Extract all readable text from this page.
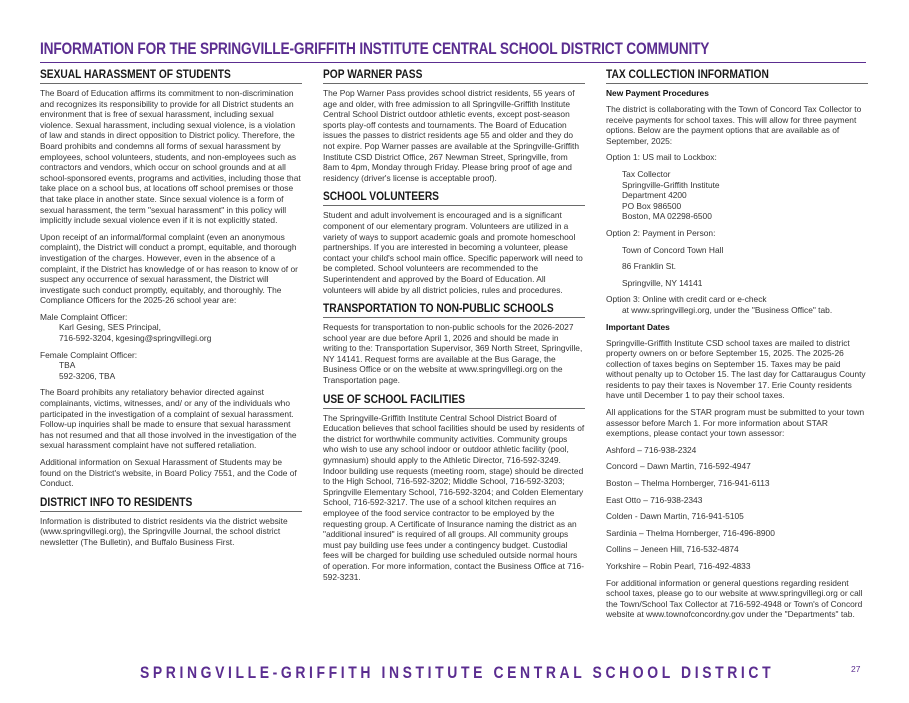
INFORMATION FOR THE SPRINGVILLE-GRIFFITH INSTITUTE CENTRAL SCHOOL DISTRICT COMMUNITY
SEXUAL HARASSMENT OF STUDENTS

The Board of Education affirms its commitment to non-discrimination and recognizes its responsibility to provide for all District students an environment that is free of sexual harassment, including sexual violence. Sexual harassment, including sexual violence, is a violation of law and stands in direct opposition to District policy. Therefore, the Board prohibits and condemns all forms of sexual harassment by employees, school volunteers, students, and non-employees such as contractors and vendors, which occur on school grounds and at all school-sponsored events, programs and activities, including those that take place on a school bus, at locations off school premises or those that take place in another state. Since sexual violence is a form of sexual harassment, the term "sexual harassment" in this policy will implicitly include sexual violence even if it is not explicitly stated.

Upon receipt of an informal/formal complaint (even an anonymous complaint), the District will conduct a prompt, equitable, and thorough investigation of the charges. However, even in the absence of a complaint, if the District has knowledge of or has reason to know of or suspect any occurrence of sexual harassment, the District will investigate such conduct promptly, equitably, and thoroughly. The Compliance Officers for the 2025-26 school year are:

Male Complaint Officer:
Karl Gesing, SES Principal,
716-592-3204, kgesing@springvillegi.org

Female Complaint Officer:
TBA
592-3206, TBA

The Board prohibits any retaliatory behavior directed against complainants, victims, witnesses, and/ or any of the individuals who participated in the investigation of a complaint of sexual harassment. Follow-up inquiries shall be made to ensure that sexual harassment has not resumed and that all those involved in the investigation of the sexual harassment complaint have not suffered retaliation.

Additional information on Sexual Harassment of Students may be found on the District's website, in Board Policy 7551, and the Code of Conduct.

DISTRICT INFO TO RESIDENTS

Information is distributed to district residents via the district website (www.springvillegi.org), the Springville Journal, the school district newsletter (The Bulletin), and Buffalo Business First.

POP WARNER PASS

The Pop Warner Pass provides school district residents, 55 years of age and older, with free admission to all Springville-Griffith Institute Central School District outdoor athletic events, except post-season sports play-off contests and tournaments. The Board of Education issues the passes to district residents age 55 and older and they do not expire. Pop Warner passes are available at the Springville-Griffith Institute CSD District Office, 267 Newman Street, Springville, from 8am to 4pm, Monday through Friday. Please bring proof of age and residency (driver's license is acceptable proof).

SCHOOL VOLUNTEERS

Student and adult involvement is encouraged and is a significant component of our elementary program. Volunteers are utilized in a variety of ways to support academic goals and promote homeschool partnerships. If you are interested in becoming a volunteer, please contact your child's school main office. Specific paperwork will need to be completed. School volunteers are recommended to the Superintendent and approved by the Board of Education. All volunteers will abide by all district policies, rules and procedures.

TRANSPORTATION TO NON-PUBLIC SCHOOLS

Requests for transportation to non-public schools for the 2026-2027 school year are due before April 1, 2026 and should be made in writing to the: Transportation Supervisor, 369 North Street, Springville, NY 14141. Request forms are available at the Bus Garage, the Business Office or on the website at www.springvillegi.org on the Transportation page.

USE OF SCHOOL FACILITIES

The Springville-Griffith Institute Central School District Board of Education believes that school facilities should be used by residents of the district for worthwhile community activities. Community groups who wish to use any school indoor or outdoor athletic facility (pool, gymnasium) should apply to the Athletic Director, 716-592-3249. Indoor building use requests (meeting room, stage) should be directed to the High School, 716-592-3202; Middle School, 716-592-3203; Springville Elementary School, 716-592-3204; and Colden Elementary School, 716-592-3217. The use of a school kitchen requires an employee of the food service contractor to be employed by the requesting group. A Certificate of Insurance naming the district as an "additional insured" is required of all groups. All community groups must pay building use fees under a contingency budget. Custodial fees will be charged for building use scheduled outside normal hours of operation. For more information, contact the Business Office at 716-592-3231.

TAX COLLECTION INFORMATION
New Payment Procedures

The district is collaborating with the Town of Concord Tax Collector to receive payments for school taxes. This will allow for three payment options. Below are the payment options that are available as of September, 2025:

Option 1: US mail to Lockbox:

Tax Collector
Springville-Griffith Institute
Department 4200
PO Box 986500
Boston, MA 02298-6500

Option 2: Payment in Person:

Town of Concord Town Hall

86 Franklin St.

Springville, NY 14141

Option 3: Online with credit card or e-check
at www.springvillegi.org, under the "Business Office" tab.

Important Dates

Springville-Griffith Institute CSD school taxes are mailed to district property owners on or before September 15, 2025. The 2025-26 collection of taxes begins on September 15. Taxes may be paid without penalty up to October 15. The last day for Cattaraugus County residents to pay their taxes is November 17. Erie County residents have until December 1 to pay their school taxes.

All applications for the STAR program must be submitted to your town assessor before March 1. For more information about STAR exemptions, please contact your town assessor:

Ashford – 716-938-2324

Concord – Dawn Martin, 716-592-4947

Boston – Thelma Hornberger, 716-941-6113

East Otto – 716-938-2343

Colden - Dawn Martin, 716-941-5105

Sardinia – Thelma Hornberger, 716-496-8900

Collins – Jeneen Hill, 716-532-4874

Yorkshire – Robin Pearl, 716-492-4833

For additional information or general questions regarding resident school taxes, please go to our website at www.springvillegi.org or call the Town/School Tax Collector at 716-592-4948 or Town's of Concord website at www.townofconcordny.gov under the "Departments" tab.

SPRINGVILLE-GRIFFITH INSTITUTE CENTRAL SCHOOL DISTRICT	27
